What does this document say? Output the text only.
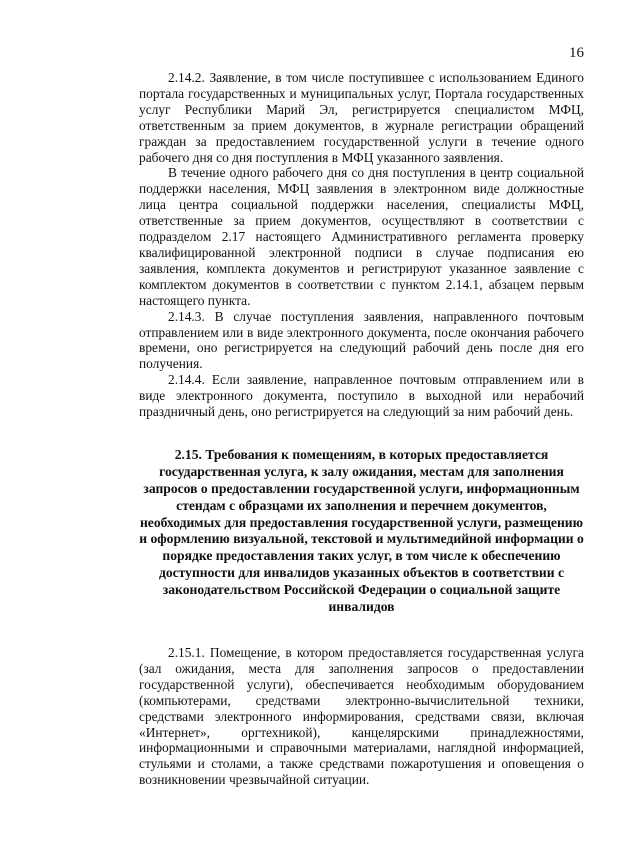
16

2.14.2. Заявление, в том числе поступившее с использованием Единого портала государственных и муниципальных услуг, Портала государственных услуг Республики Марий Эл, регистрируется специалистом МФЦ, ответственным за прием документов, в журнале регистрации обращений граждан за предоставлением государственной услуги в течение одного рабочего дня со дня поступления в МФЦ указанного заявления.

В течение одного рабочего дня со дня поступления в центр социальной поддержки населения, МФЦ заявления в электронном виде должностные лица центра социальной поддержки населения, специалисты МФЦ, ответственные за прием документов, осуществляют в соответствии с подразделом 2.17 настоящего Административного регламента проверку квалифицированной электронной подписи в случае подписания ею заявления, комплекта документов и регистрируют указанное заявление с комплектом документов в соответствии с пунктом 2.14.1, абзацем первым настоящего пункта.

2.14.3. В случае поступления заявления, направленного почтовым отправлением или в виде электронного документа, после окончания рабочего времени, оно регистрируется на следующий рабочий день после дня его получения.

2.14.4. Если заявление, направленное почтовым отправлением или в виде электронного документа, поступило в выходной или нерабочий праздничный день, оно регистрируется на следующий за ним рабочий день.

2.15. Требования к помещениям, в которых предоставляется государственная услуга, к залу ожидания, местам для заполнения запросов о предоставлении государственной услуги, информационным стендам с образцами их заполнения и перечнем документов, необходимых для предоставления государственной услуги, размещению и оформлению визуальной, текстовой и мультимедийной информации о порядке предоставления таких услуг, в том числе к обеспечению доступности для инвалидов указанных объектов в соответствии с законодательством Российской Федерации о социальной защите инвалидов

2.15.1. Помещение, в котором предоставляется государственная услуга (зал ожидания, места для заполнения запросов о предоставлении государственной услуги), обеспечивается необходимым оборудованием (компьютерами, средствами электронно-вычислительной техники, средствами электронного информирования, средствами связи, включая «Интернет», оргтехникой), канцелярскими принадлежностями, информационными и справочными материалами, наглядной информацией, стульями и столами, а также средствами пожаротушения и оповещения о возникновении чрезвычайной ситуации.
